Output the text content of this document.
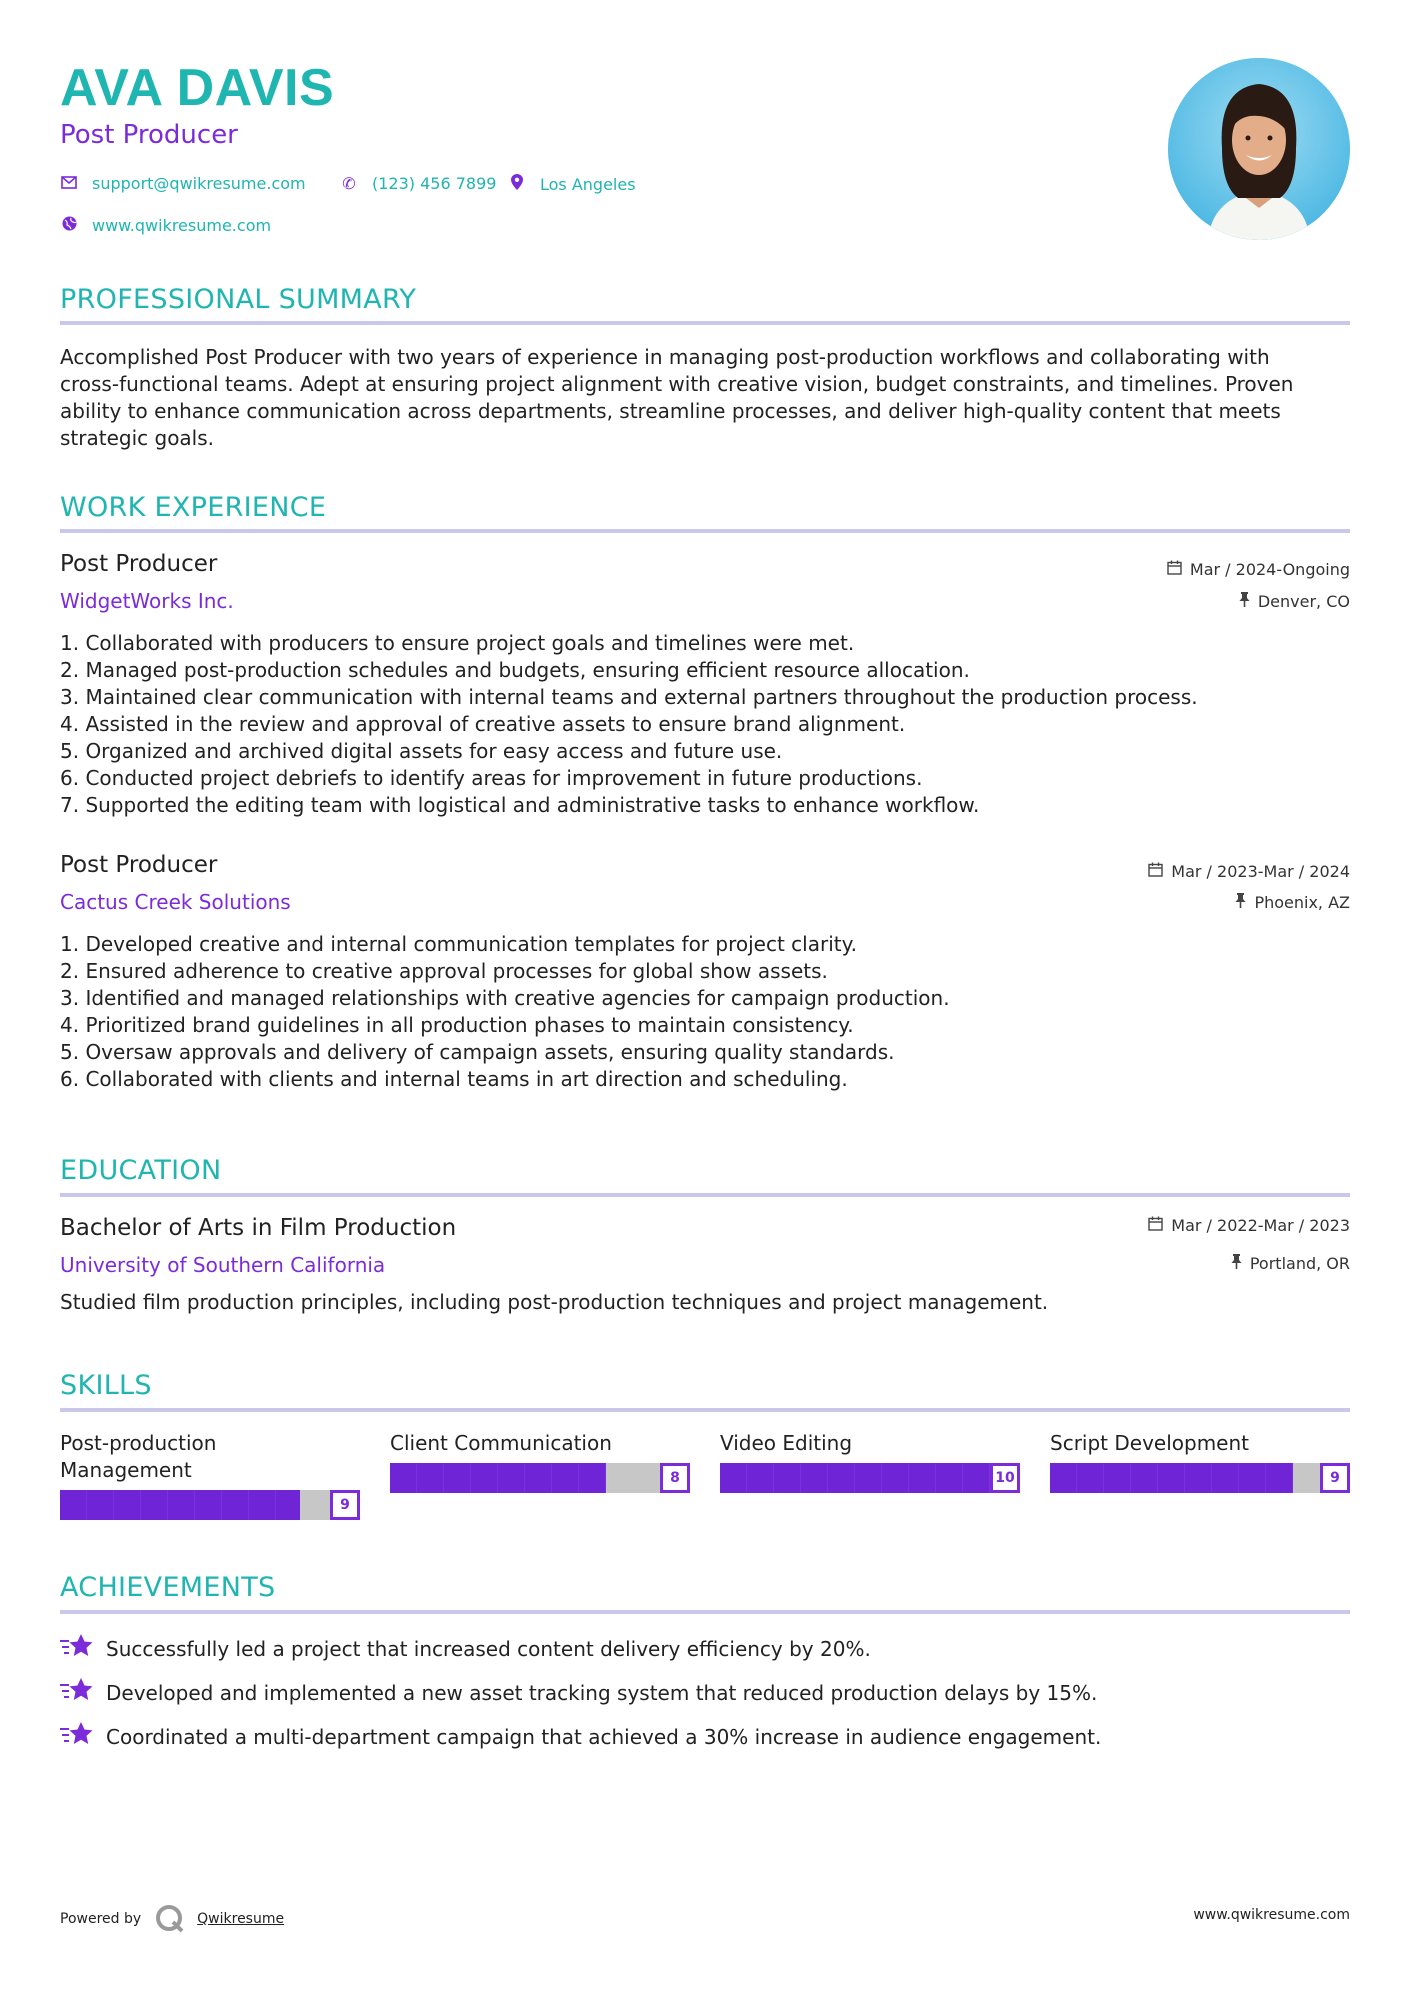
AVA DAVIS
Post Producer
support@qwikresume.com ✆ (123) 456 7899	Los Angeles
www.qwikresume.com
PROFESSIONAL SUMMARY
Accomplished Post Producer with two years of experience in managing post-production workflows and collaborating with
cross-functional teams. Adept at ensuring project alignment with creative vision, budget constraints, and timelines. Proven
ability to enhance communication across departments, streamline processes, and deliver high-quality content that meets
strategic goals.
WORK EXPERIENCE
Post Producer
WidgetWorks Inc.
Mar / 2024-Ongoing
Denver, CO
1. Collaborated with producers to ensure project goals and timelines were met.
2. Managed post-production schedules and budgets, ensuring efficient resource allocation.
3. Maintained clear communication with internal teams and external partners throughout the production process.
4. Assisted in the review and approval of creative assets to ensure brand alignment.
5. Organized and archived digital assets for easy access and future use.
6. Conducted project debriefs to identify areas for improvement in future productions.
7. Supported the editing team with logistical and administrative tasks to enhance workflow.
Post Producer
Cactus Creek Solutions
Mar / 2023-Mar / 2024
Phoenix, AZ
1. Developed creative and internal communication templates for project clarity.
2. Ensured adherence to creative approval processes for global show assets.
3. Identified and managed relationships with creative agencies for campaign production.
4. Prioritized brand guidelines in all production phases to maintain consistency.
5. Oversaw approvals and delivery of campaign assets, ensuring quality standards.
6. Collaborated with clients and internal teams in art direction and scheduling.
EDUCATION
Bachelor of Arts in Film Production
University of Southern California
Mar / 2022-Mar / 2023
Portland, OR
Studied film production principles, including post-production techniques and project management.
SKILLS
Post-production
Management
9
Client Communication
8
Video Editing
10
Script Development
9
ACHIEVEMENTS
Successfully led a project that increased content delivery efficiency by 20%.
Developed and implemented a new asset tracking system that reduced production delays by 15%.
Coordinated a multi-department campaign that achieved a 30% increase in audience engagement.
Powered by	Qwikresume	www.qwikresume.com
